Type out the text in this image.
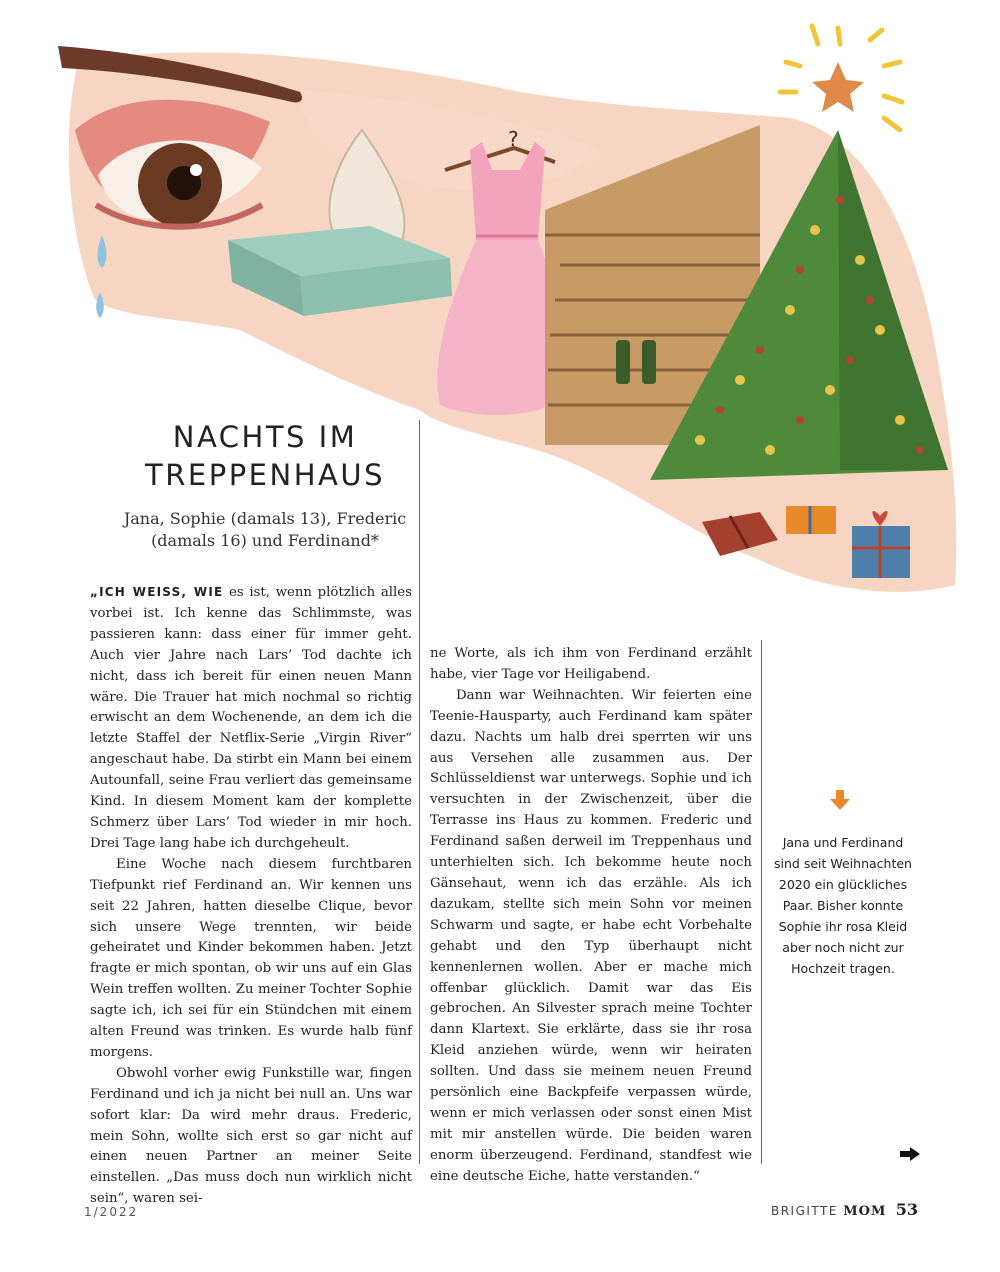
?
NACHTS IM
TREPPENHAUS
Jana, Sophie (damals 13), Frederic
(damals 16) und Ferdinand*

„ICH WEISS, WIE es ist, wenn plötzlich alles vorbei ist. Ich kenne das Schlimmste, was passieren kann: dass einer für immer geht. Auch vier Jahre nach Lars’ Tod dachte ich nicht, dass ich bereit für einen neuen Mann wäre. Die Trauer hat mich nochmal so richtig erwischt an dem Wochenende, an dem ich die letzte Staffel der Netflix-Serie „Virgin River“ angeschaut habe. Da stirbt ein Mann bei einem Autounfall, seine Frau verliert das gemeinsame Kind. In diesem Moment kam der komplette Schmerz über Lars’ Tod wieder in mir hoch. Drei Tage lang habe ich durchgeheult.

Eine Woche nach diesem furchtbaren Tiefpunkt rief Ferdinand an. Wir kennen uns seit 22 Jahren, hatten dieselbe Clique, bevor sich unsere Wege trennten, wir beide geheiratet und Kinder bekommen haben. Jetzt fragte er mich spontan, ob wir uns auf ein Glas Wein treffen wollten. Zu meiner Tochter Sophie sagte ich, ich sei für ein Stündchen mit einem alten Freund was trinken. Es wurde halb fünf morgens.

Obwohl vorher ewig Funkstille war, fingen Ferdinand und ich ja nicht bei null an. Uns war sofort klar: Da wird mehr draus. Frederic, mein Sohn, wollte sich erst so gar nicht auf einen neuen Partner an meiner Seite einstellen. „Das muss doch nun wirklich nicht sein“, waren sei-

ne Worte, als ich ihm von Ferdinand erzählt habe, vier Tage vor Heiligabend.

Dann war Weihnachten. Wir feierten eine Teenie-Hausparty, auch Ferdinand kam später dazu. Nachts um halb drei sperrten wir uns aus Versehen alle zusammen aus. Der Schlüsseldienst war unterwegs. Sophie und ich versuchten in der Zwischenzeit, über die Terrasse ins Haus zu kommen. Frederic und Ferdinand saßen derweil im Treppenhaus und unterhielten sich. Ich bekomme heute noch Gänsehaut, wenn ich das erzähle. Als ich dazukam, stellte sich mein Sohn vor meinen Schwarm und sagte, er habe echt Vorbehalte gehabt und den Typ überhaupt nicht kennenlernen wollen. Aber er mache mich offenbar glücklich. Damit war das Eis gebrochen. An Silvester sprach meine Tochter dann Klartext. Sie erklärte, dass sie ihr rosa Kleid anziehen würde, wenn wir heiraten sollten. Und dass sie meinem neuen Freund persönlich eine Backpfeife verpassen würde, wenn er mich verlassen oder sonst einen Mist mit mir anstellen würde. Die beiden waren enorm überzeugend. Ferdinand, standfest wie eine deutsche Eiche, hatte verstanden.“

Jana und Ferdinand sind seit Weihnachten 2020 ein glückliches Paar. Bisher konnte Sophie ihr rosa Kleid aber noch nicht zur Hochzeit tragen.
1/2022	BRIGITTE MOM 53
